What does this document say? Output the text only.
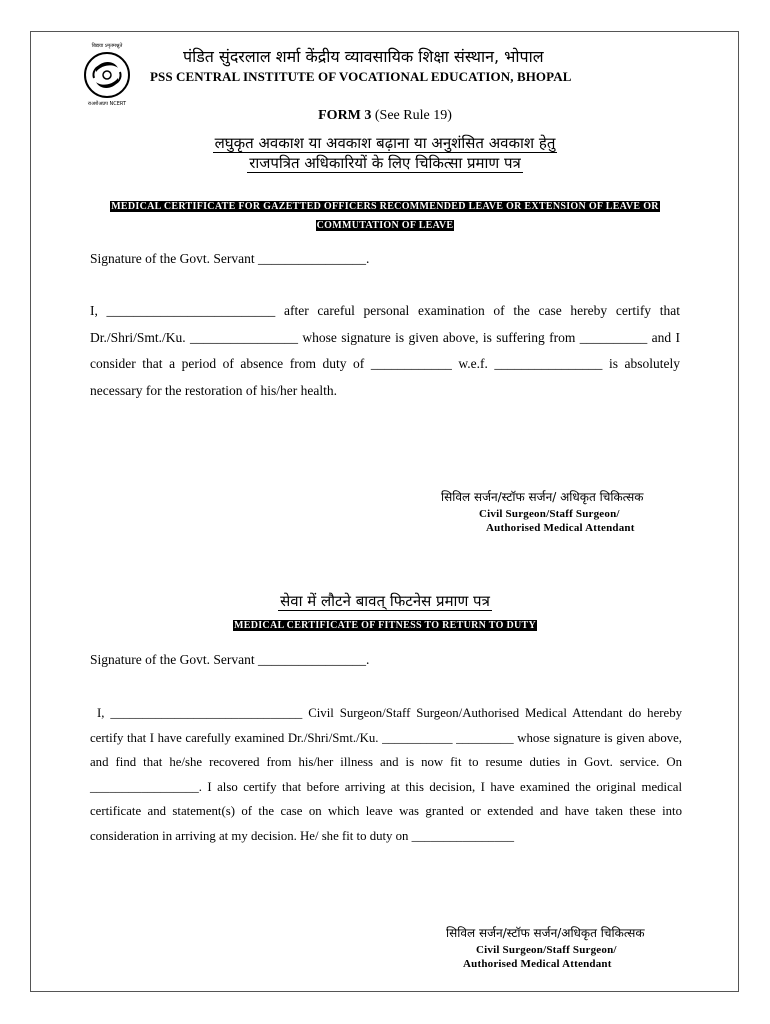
बिद्यया ऽमृतमश्नुते
राअशैअप्रप NCERT
पंडित सुंदरलाल शर्मा केंद्रीय व्यावसायिक शिक्षा संस्थान, भोपाल
PSS CENTRAL INSTITUTE OF VOCATIONAL EDUCATION, BHOPAL
FORM 3 (See Rule 19)
लघुकृत अवकाश या अवकाश बढ़ाना या अनुशंसित अवकाश हेतु
राजपत्रित अधिकारियों के लिए चिकित्सा प्रमाण पत्र
MEDICAL CERTIFICATE FOR GAZETTED OFFICERS RECOMMENDED LEAVE OR EXTENSION OF LEAVE OR COMMUTATION OF LEAVE
Signature of the Govt. Servant ________________.
I, _________________________ after careful personal examination of the case hereby certify that Dr./Shri/Smt./Ku. ________________ whose signature is given above, is suffering from __________ and I consider that a period of absence from duty of ____________ w.e.f. ________________ is absolutely necessary for the restoration of his/her health.
सिविल सर्जन/स्टॉफ सर्जन/ अधिकृत चिकित्सक
Civil Surgeon/Staff Surgeon/
Authorised Medical Attendant
सेवा में लौटने बावत् फिटनेस प्रमाण पत्र
MEDICAL CERTIFICATE OF FITNESS TO RETURN TO DUTY
Signature of the Govt. Servant ________________.
I, ______________________________ Civil Surgeon/Staff Surgeon/Authorised Medical Attendant do hereby certify that I have carefully examined Dr./Shri/Smt./Ku. ___________ _________ whose signature is given above, and find that he/she recovered from his/her illness and is now fit to resume duties in Govt. service. On _________________. I also certify that before arriving at this decision, I have examined the original medical certificate and statement(s) of the case on which leave was granted or extended and have taken these into consideration in arriving at my decision. He/ she fit to duty on ________________
सिविल सर्जन/स्टॉफ सर्जन/अधिकृत चिकित्सक
Civil Surgeon/Staff Surgeon/
Authorised Medical Attendant
